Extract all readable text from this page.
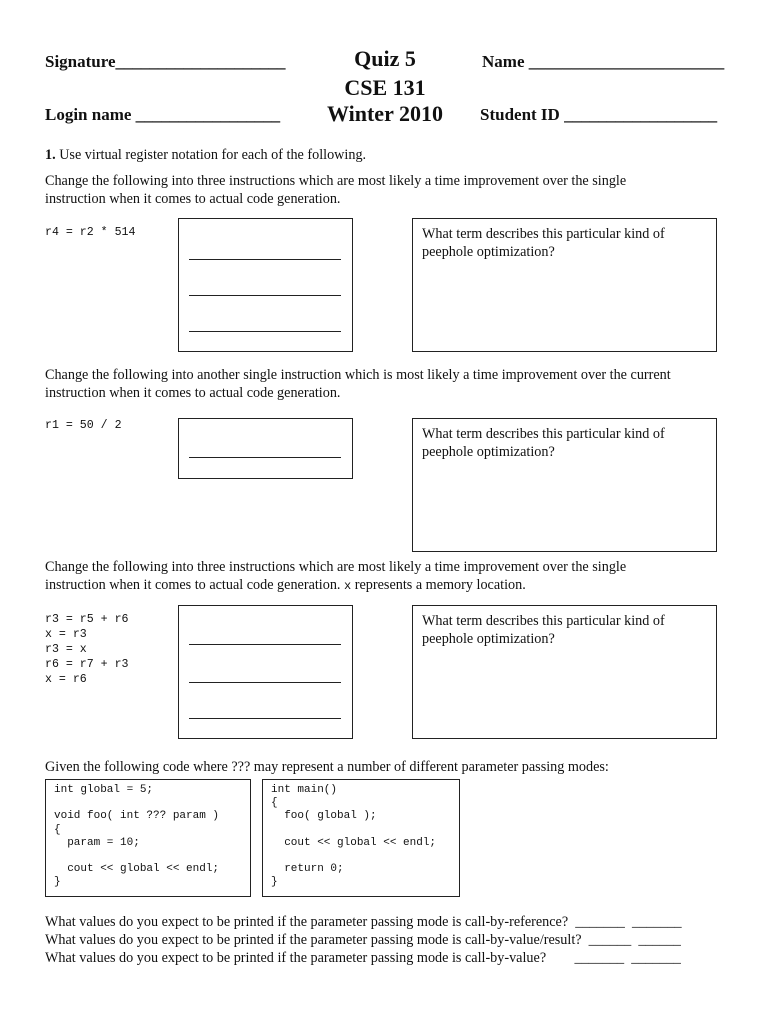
Signature____________________
Login name _________________
Quiz 5
CSE 131
Winter 2010
Name _______________________
Student ID __________________
1. Use virtual register notation for each of the following.
Change the following into three instructions which are most likely a time improvement over the single
instruction when it comes to actual code generation.
r4 = r2 * 514	What term describes this particular kind of peephole optimization?
Change the following into another single instruction which is most likely a time improvement over the current
instruction when it comes to actual code generation.
r1 = 50 / 2
What term describes this particular kind of peephole optimization?
Change the following into three instructions which are most likely a time improvement over the single
instruction when it comes to actual code generation. x represents a memory location.
r3 = r5 + r6
x = r3
r3 = x
r6 = r7 + r3
x = r6
What term describes this particular kind of peephole optimization?
Given the following code where ??? may represent a number of different parameter passing modes:
int global = 5;

void foo( int ??? param )
{
param = 10;

cout << global << endl;
}
int main()
{
foo( global );

cout << global << endl;

return 0;
}
What values do you expect to be printed if the parameter passing mode is call-by-reference?  _______  _______
What values do you expect to be printed if the parameter passing mode is call-by-value/result?  ______  ______
What values do you expect to be printed if the parameter passing mode is call-by-value?        _______  _______
